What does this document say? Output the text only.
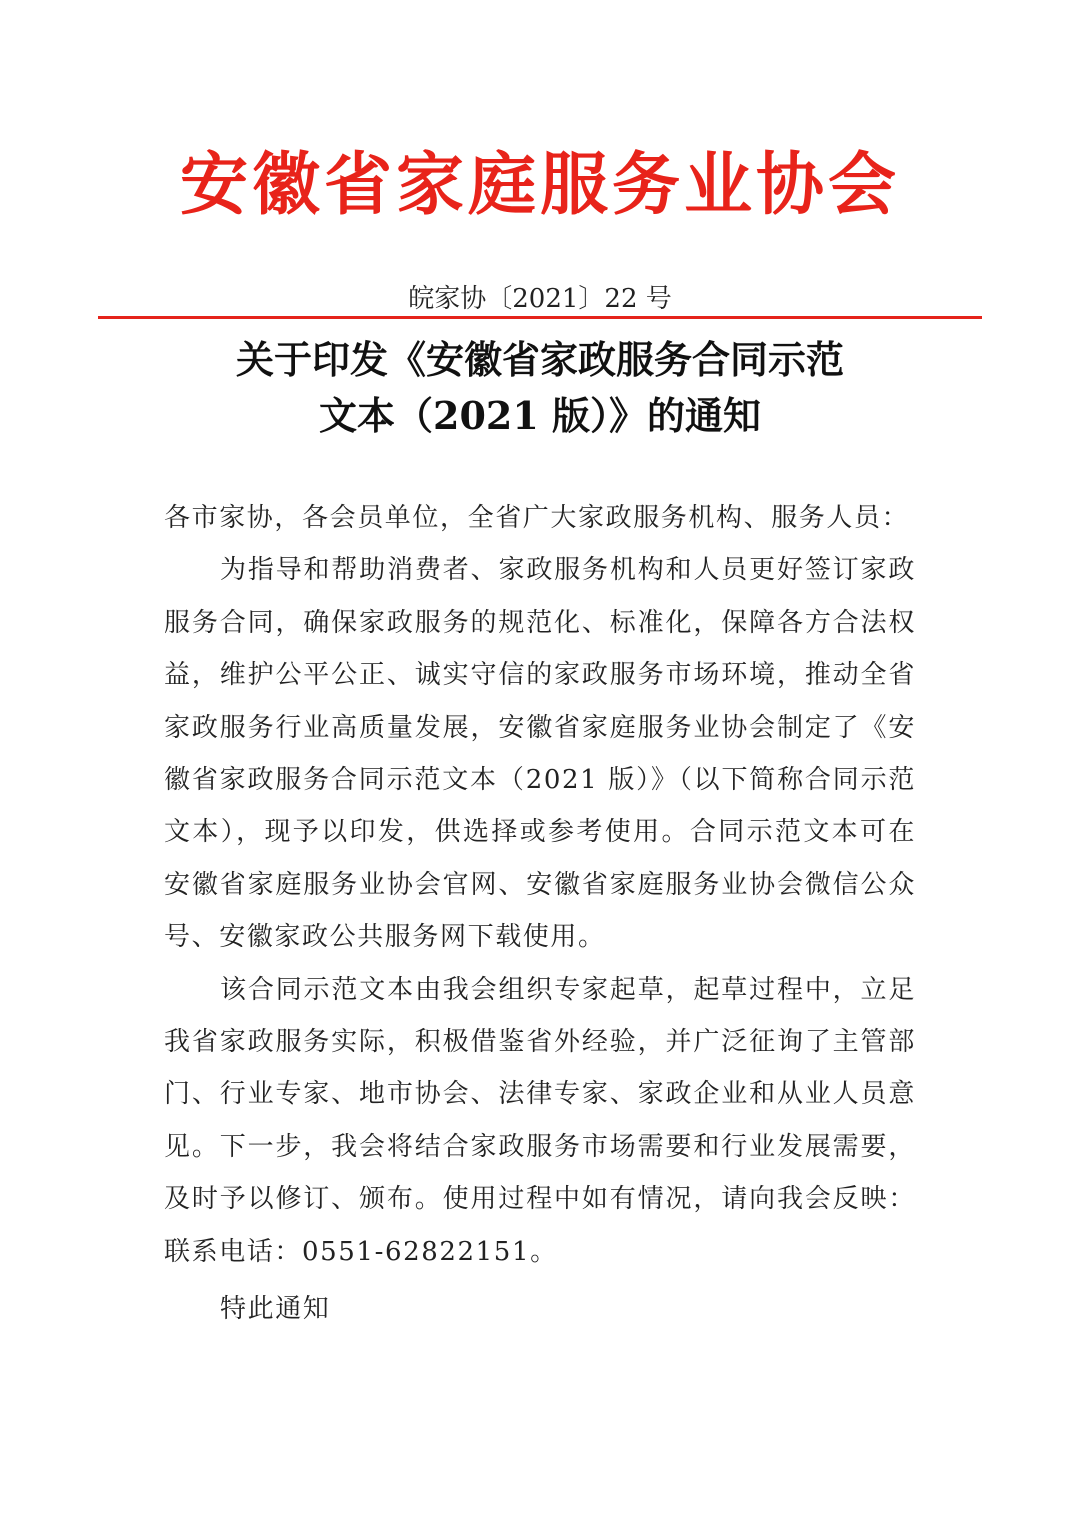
安徽省家庭服务业协会
皖家协〔2021〕22 号
关于印发《安徽省家政服务合同示范
文本（2021 版）》的通知

各市家协，各会员单位，全省广大家政服务机构、服务人员：

为指导和帮助消费者、家政服务机构和人员更好签订家政服务合同，确保家政服务的规范化、标准化，保障各方合法权益，维护公平公正、诚实守信的家政服务市场环境，推动全省家政服务行业高质量发展，安徽省家庭服务业协会制定了《安徽省家政服务合同示范文本（2021 版）》（以下简称合同示范文本），现予以印发，供选择或参考使用。合同示范文本可在安徽省家庭服务业协会官网、安徽省家庭服务业协会微信公众号、安徽家政公共服务网下载使用。

该合同示范文本由我会组织专家起草，起草过程中，立足我省家政服务实际，积极借鉴省外经验，并广泛征询了主管部门、行业专家、地市协会、法律专家、家政企业和从业人员意见。下一步，我会将结合家政服务市场需要和行业发展需要，及时予以修订、颁布。使用过程中如有情况，请向我会反映：联系电话：0551-62822151。

特此通知
